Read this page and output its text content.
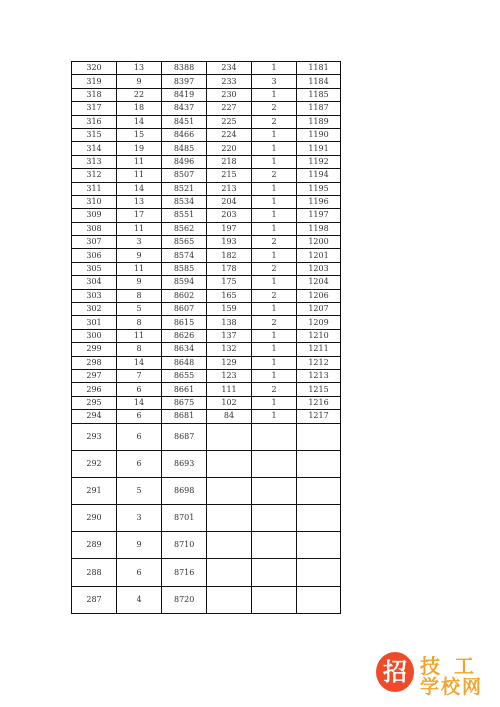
320	13	8388	234	1	1181
319	9	8397	233	3	1184
318	22	8419	230	1	1185
317	18	8437	227	2	1187
316	14	8451	225	2	1189
315	15	8466	224	1	1190
314	19	8485	220	1	1191
313	11	8496	218	1	1192
312	11	8507	215	2	1194
311	14	8521	213	1	1195
310	13	8534	204	1	1196
309	17	8551	203	1	1197
308	11	8562	197	1	1198
307	3	8565	193	2	1200
306	9	8574	182	1	1201
305	11	8585	178	2	1203
304	9	8594	175	1	1204
303	8	8602	165	2	1206
302	5	8607	159	1	1207
301	8	8615	138	2	1209
300	11	8626	137	1	1210
299	8	8634	132	1	1211
298	14	8648	129	1	1212
297	7	8655	123	1	1213
296	6	8661	111	2	1215
295	14	8675	102	1	1216
294	6	8681	84	1	1217
293	6	8687			
292	6	8693			
291	5	8698			
290	3	8701			
289	9	8710			
288	6	8716			
287	4	8720			
招 技工
学校网
